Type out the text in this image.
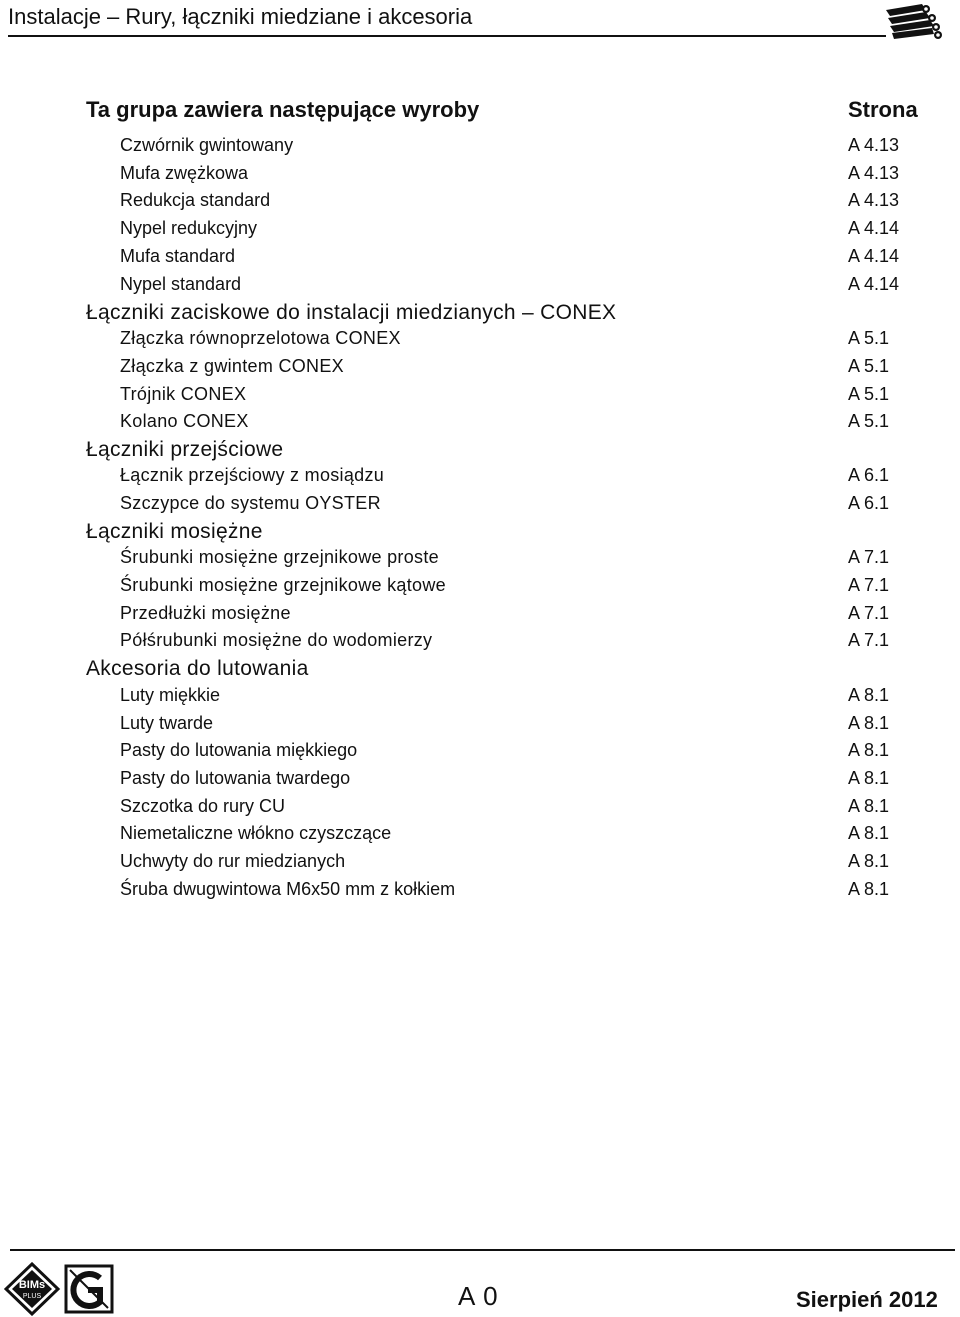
Instalacje – Rury, łączniki miedziane i akcesoria
Ta grupa zawiera następujące wyroby	Strona
Czwórnik gwintowany	A 4.13
Mufa zwężkowa	A 4.13
Redukcja standard	A 4.13
Nypel redukcyjny	A 4.14
Mufa standard	A 4.14
Nypel standard	A 4.14
Łączniki zaciskowe do instalacji miedzianych – CONEX
Złączka równoprzelotowa CONEX	A 5.1
Złączka z gwintem CONEX	A 5.1
Trójnik CONEX	A 5.1
Kolano CONEX	A 5.1
Łączniki przejściowe
Łącznik przejściowy z mosiądzu	A 6.1
Szczypce do systemu OYSTER	A 6.1
Łączniki mosiężne
Śrubunki mosiężne grzejnikowe proste	A 7.1
Śrubunki mosiężne grzejnikowe kątowe	A 7.1
Przedłużki mosiężne	A 7.1
Półśrubunki mosiężne do wodomierzy	A 7.1
Akcesoria do lutowania
Luty miękkie	A 8.1
Luty twarde	A 8.1
Pasty do lutowania miękkiego	A 8.1
Pasty do lutowania twardego	A 8.1
Szczotka do rury CU	A 8.1
Niemetaliczne włókno czyszczące	A 8.1
Uchwyty do rur miedzianych	A 8.1
Śruba dwugwintowa M6x50 mm z kołkiem	A 8.1
BIMs
PLUS	A 0	Sierpień 2012
